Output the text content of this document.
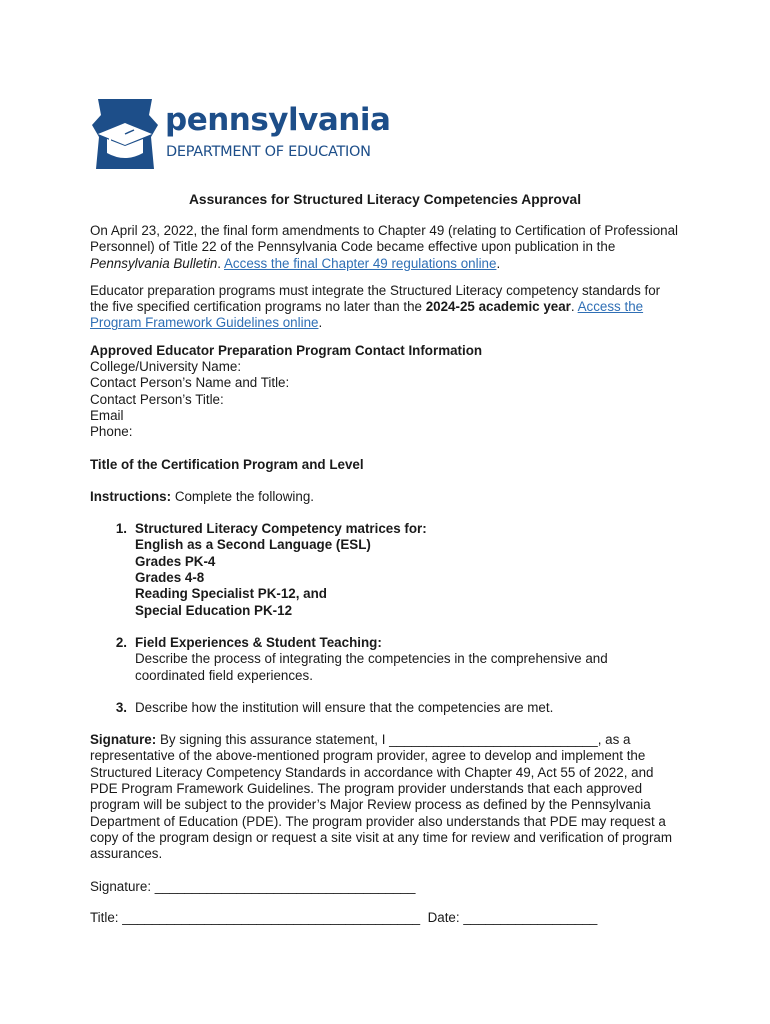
pennsylvania
DEPARTMENT OF EDUCATION
Assurances for Structured Literacy Competencies Approval

On April 23, 2022, the final form amendments to Chapter 49 (relating to Certification of Professional Personnel) of Title 22 of the Pennsylvania Code became effective upon publication in the Pennsylvania Bulletin. Access the final Chapter 49 regulations online.

Educator preparation programs must integrate the Structured Literacy competency standards for the five specified certification programs no later than the 2024-25 academic year. Access the Program Framework Guidelines online.

Approved Educator Preparation Program Contact Information

College/University Name:

Contact Person’s Name and Title:

Contact Person’s Title:

Email

Phone:

Title of the Certification Program and Level

Instructions: Complete the following.

1. Structured Literacy Competency matrices for:
English as a Second Language (ESL)
Grades PK-4
Grades 4-8
Reading Specialist PK-12, and
Special Education PK-12
2. Field Experiences & Student Teaching:
Describe the process of integrating the competencies in the comprehensive and coordinated field experiences.
3. Describe how the institution will ensure that the competencies are met.

Signature: By signing this assurance statement, I ____________________________, as a representative of the above-mentioned program provider, agree to develop and implement the Structured Literacy Competency Standards in accordance with Chapter 49, Act 55 of 2022, and PDE Program Framework Guidelines. The program provider understands that each approved program will be subject to the provider’s Major Review process as defined by the Pennsylvania Department of Education (PDE). The program provider also understands that PDE may request a copy of the program design or request a site visit at any time for review and verification of program assurances.

Signature: ___________________________________

Title: ________________________________________ Date: __________________
